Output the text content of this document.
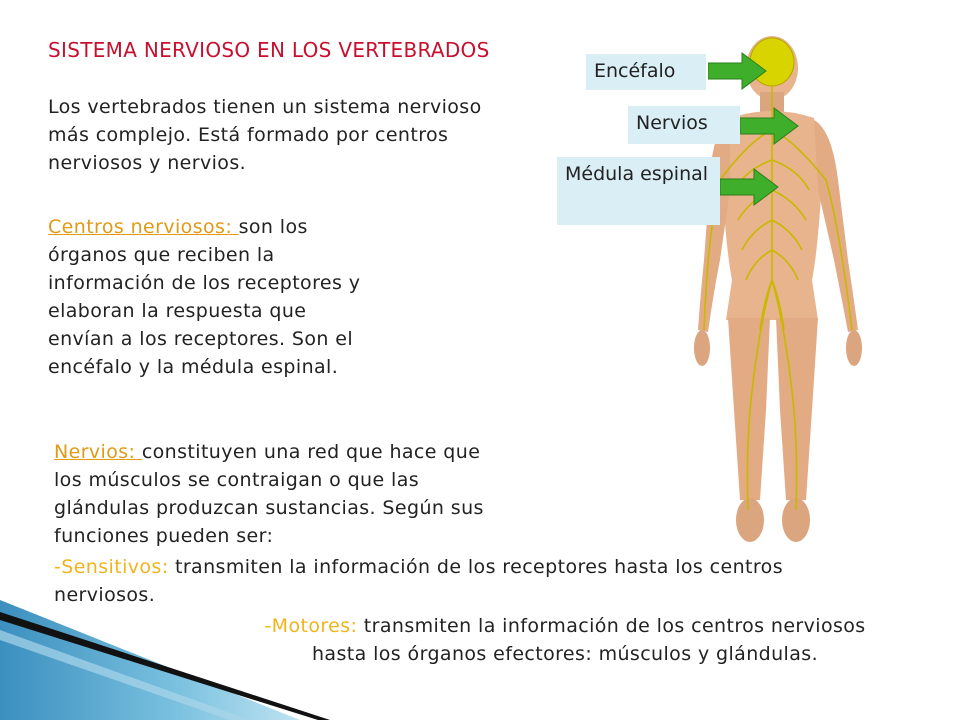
Encéfalo
Nervios
Médula espinal
SISTEMA NERVIOSO EN LOS VERTEBRADOS
Los vertebrados tienen un sistema nervioso más complejo. Está formado por centros nerviosos y nervios.
Centros nerviosos: son los órganos que reciben la información de los receptores y elaboran la respuesta que envían a los receptores. Son el encéfalo y la médula espinal.
Nervios: constituyen una red que hace que los músculos se contraigan o que las glándulas produzcan sustancias. Según sus funciones pueden ser:
-Sensitivos: transmiten la información de los receptores hasta los centros nerviosos.
-Motores: transmiten la información de los centros nerviosos hasta los órganos efectores: músculos y glándulas.
